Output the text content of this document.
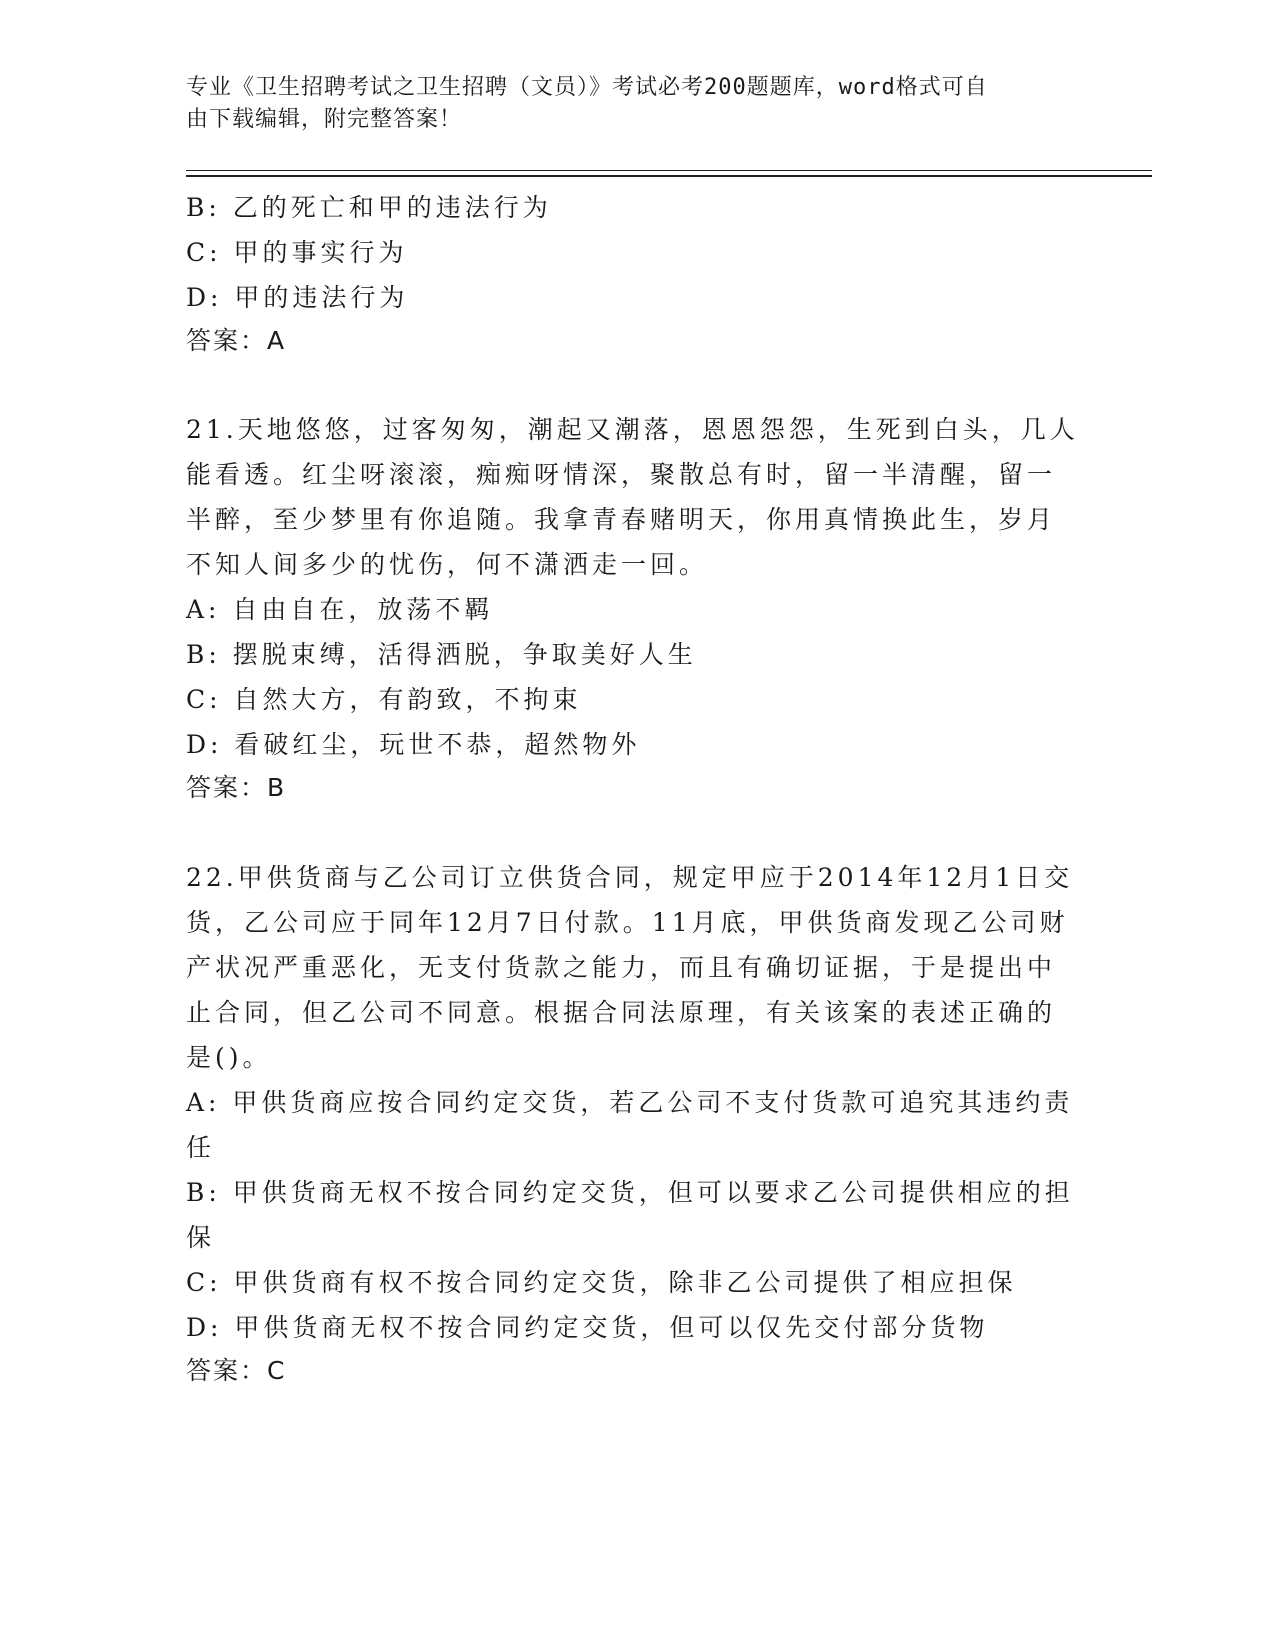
专业《卫生招聘考试之卫生招聘（文员）》考试必考200题题库，word格式可自
由下载编辑，附完整答案！
B: 乙的死亡和甲的违法行为
C: 甲的事实行为
D: 甲的违法行为
答案：A
21.天地悠悠，过客匆匆，潮起又潮落，恩恩怨怨，生死到白头，几人
能看透。红尘呀滚滚，痴痴呀情深，聚散总有时，留一半清醒，留一
半醉，至少梦里有你追随。我拿青春赌明天，你用真情换此生，岁月
不知人间多少的忧伤，何不潇洒走一回。
A: 自由自在，放荡不羁
B: 摆脱束缚，活得洒脱，争取美好人生
C: 自然大方，有韵致，不拘束
D: 看破红尘，玩世不恭，超然物外
答案：B
22.甲供货商与乙公司订立供货合同，规定甲应于2014年12月1日交
货，乙公司应于同年12月7日付款。11月底，甲供货商发现乙公司财
产状况严重恶化，无支付货款之能力，而且有确切证据，于是提出中
止合同，但乙公司不同意。根据合同法原理，有关该案的表述正确的
是()。
A: 甲供货商应按合同约定交货，若乙公司不支付货款可追究其违约责
任
B: 甲供货商无权不按合同约定交货，但可以要求乙公司提供相应的担
保
C: 甲供货商有权不按合同约定交货，除非乙公司提供了相应担保
D: 甲供货商无权不按合同约定交货，但可以仅先交付部分货物
答案：C
